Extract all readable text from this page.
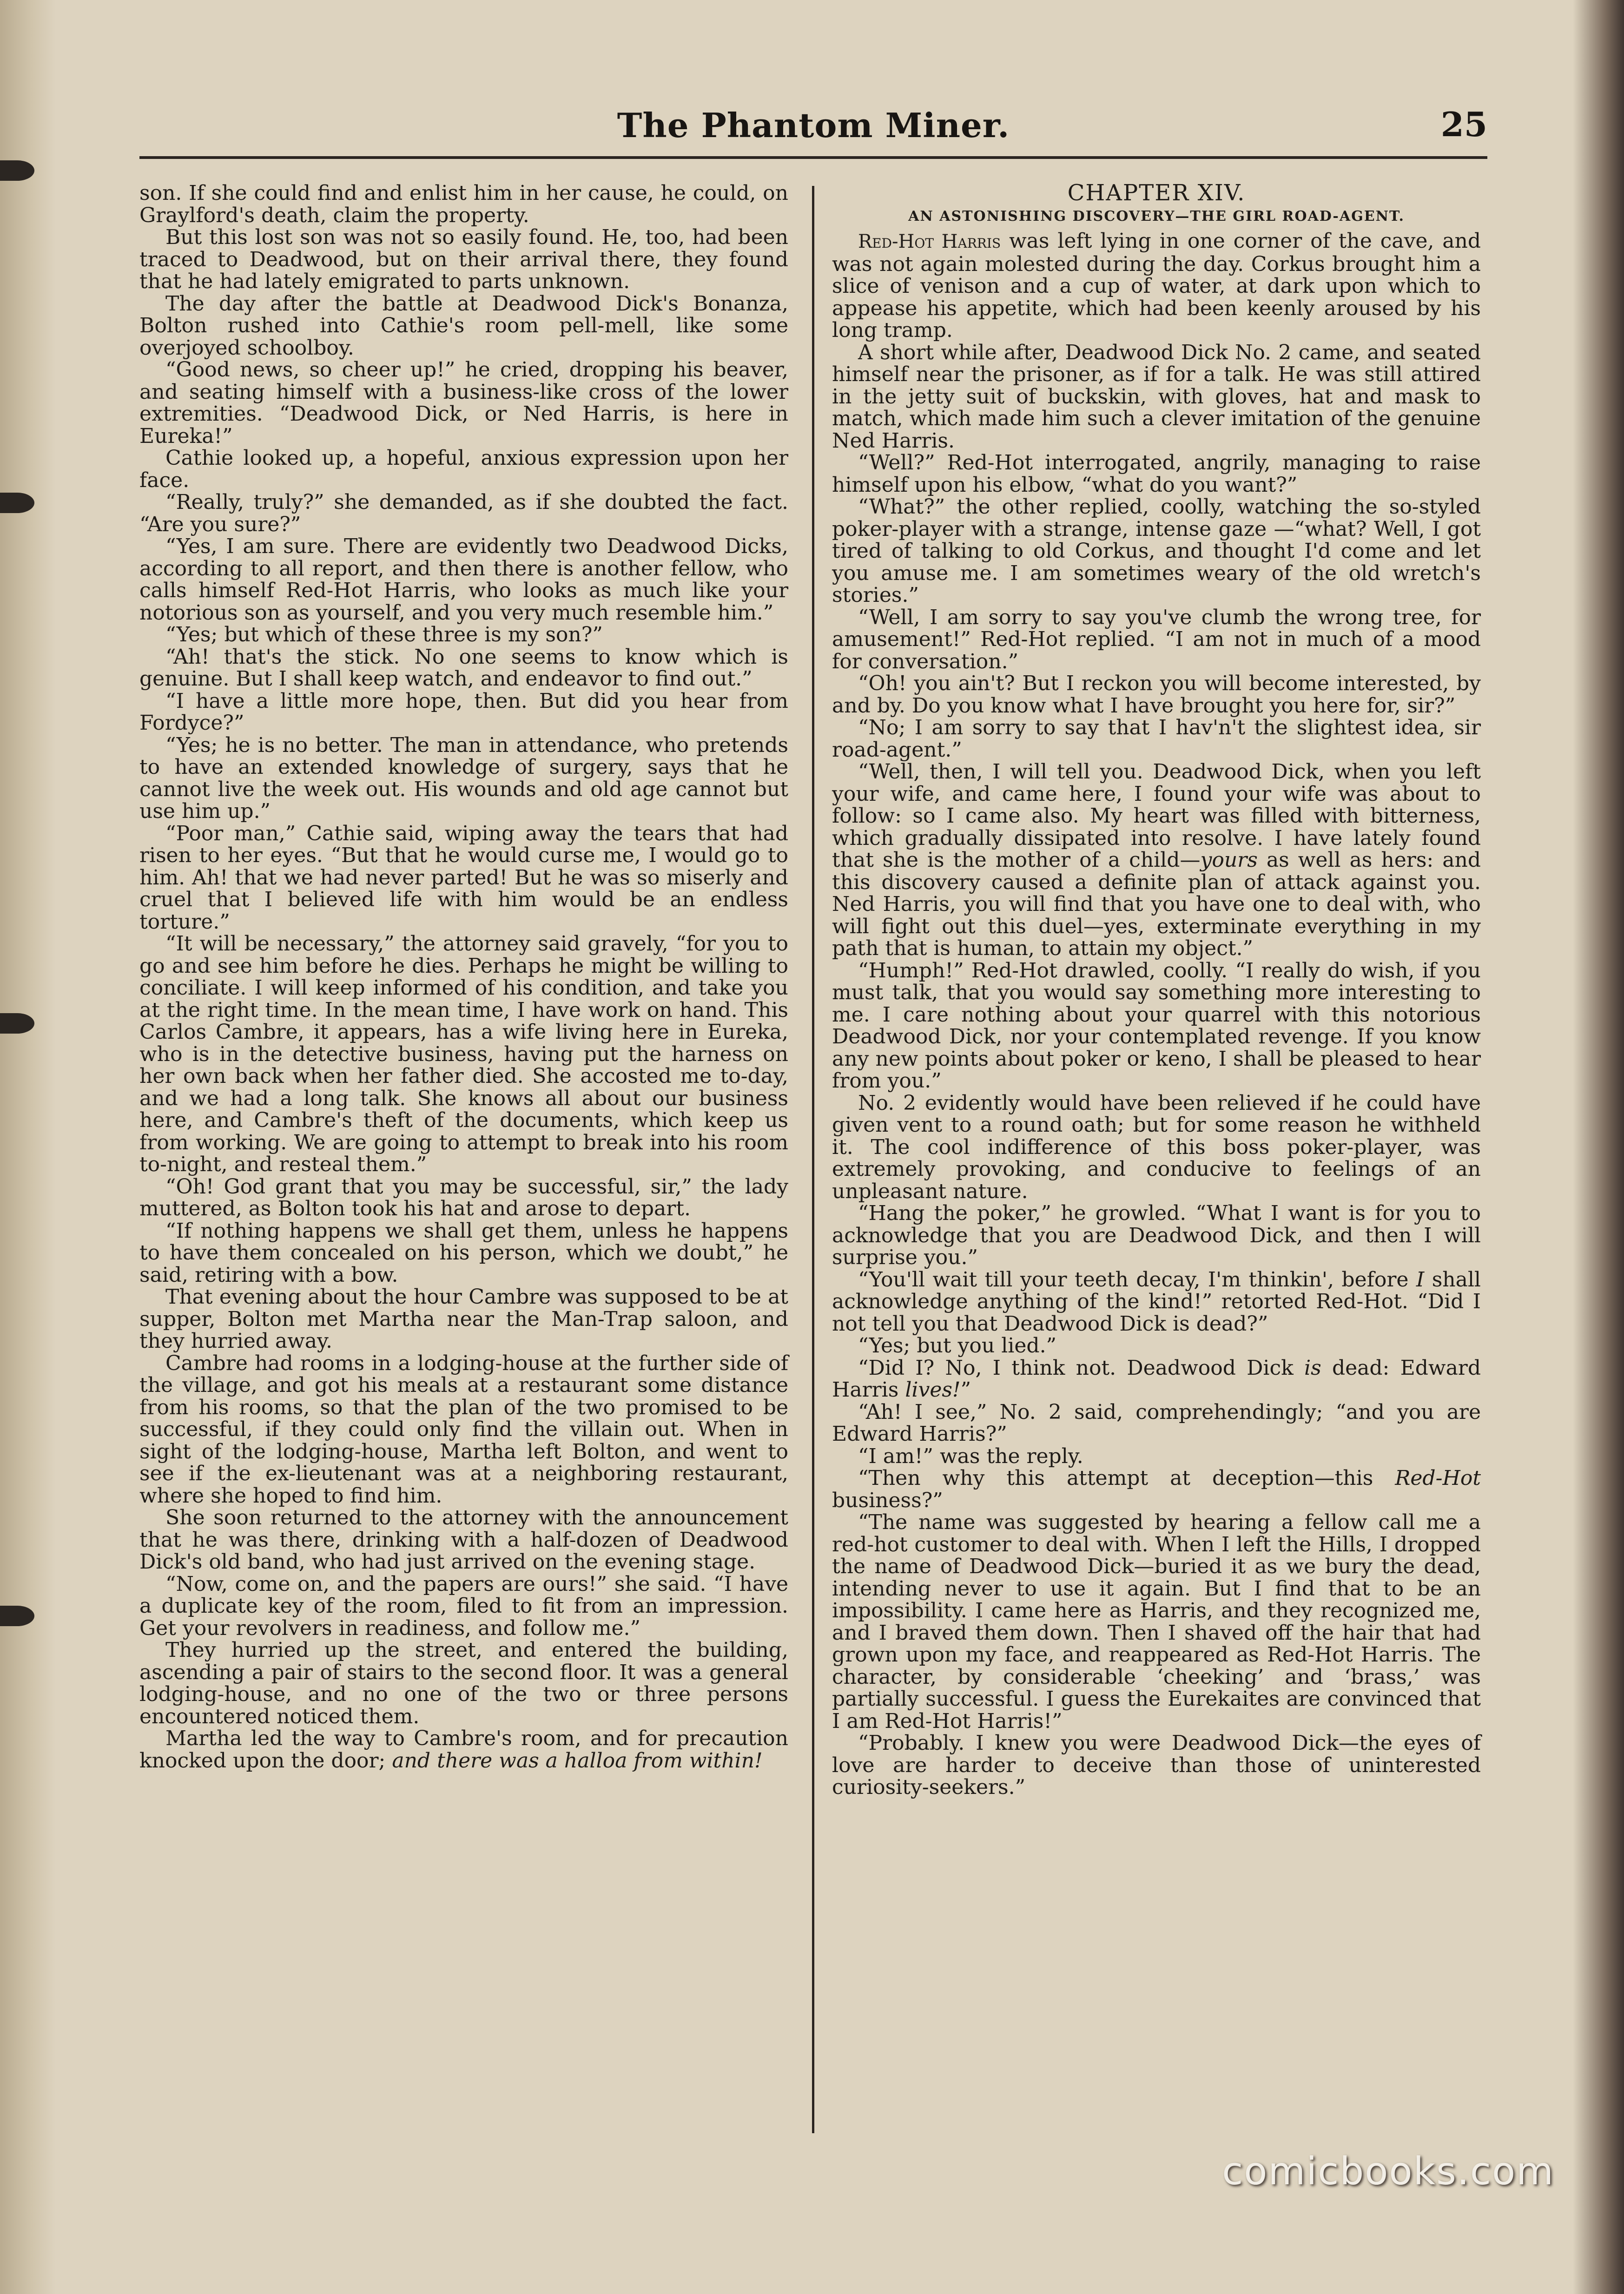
The Phantom Miner.	25

son. If she could find and enlist him in her cause, he could, on Graylford's death, claim the property.

But this lost son was not so easily found. He, too, had been traced to Deadwood, but on their arrival there, they found that he had lately emigrated to parts unknown.

The day after the battle at Deadwood Dick's Bonanza, Bolton rushed into Cathie's room pell-mell, like some overjoyed schoolboy.

“Good news, so cheer up!” he cried, dropping his beaver, and seating himself with a business-like cross of the lower extremities. “Deadwood Dick, or Ned Harris, is here in Eureka!”

Cathie looked up, a hopeful, anxious expression upon her face.

“Really, truly?” she demanded, as if she doubted the fact. “Are you sure?”

“Yes, I am sure. There are evidently two Deadwood Dicks, according to all report, and then there is another fellow, who calls himself Red-Hot Harris, who looks as much like your notorious son as yourself, and you very much resemble him.”

“Yes; but which of these three is my son?”

“Ah! that's the stick. No one seems to know which is genuine. But I shall keep watch, and endeavor to find out.”

“I have a little more hope, then. But did you hear from Fordyce?”

“Yes; he is no better. The man in attendance, who pretends to have an extended knowledge of surgery, says that he cannot live the week out. His wounds and old age cannot but use him up.”

“Poor man,” Cathie said, wiping away the tears that had risen to her eyes. “But that he would curse me, I would go to him. Ah! that we had never parted! But he was so miserly and cruel that I believed life with him would be an endless torture.”

“It will be necessary,” the attorney said gravely, “for you to go and see him before he dies. Perhaps he might be willing to conciliate. I will keep informed of his condition, and take you at the right time. In the mean time, I have work on hand. This Carlos Cambre, it appears, has a wife living here in Eureka, who is in the detective business, having put the harness on her own back when her father died. She accosted me to-day, and we had a long talk. She knows all about our business here, and Cambre's theft of the documents, which keep us from working. We are going to attempt to break into his room to-night, and resteal them.”

“Oh! God grant that you may be successful, sir,” the lady muttered, as Bolton took his hat and arose to depart.

“If nothing happens we shall get them, unless he happens to have them concealed on his person, which we doubt,” he said, retiring with a bow.

That evening about the hour Cambre was supposed to be at supper, Bolton met Martha near the Man-Trap saloon, and they hurried away.

Cambre had rooms in a lodging-house at the further side of the village, and got his meals at a restaurant some distance from his rooms, so that the plan of the two promised to be successful, if they could only find the villain out. When in sight of the lodging-house, Martha left Bolton, and went to see if the ex-lieutenant was at a neighboring restaurant, where she hoped to find him.

She soon returned to the attorney with the announcement that he was there, drinking with a half-dozen of Deadwood Dick's old band, who had just arrived on the evening stage.

“Now, come on, and the papers are ours!” she said. “I have a duplicate key of the room, filed to fit from an impression. Get your revolvers in readiness, and follow me.”

They hurried up the street, and entered the building, ascending a pair of stairs to the second floor. It was a general lodging-house, and no one of the two or three persons encountered noticed them.

Martha led the way to Cambre's room, and for precaution knocked upon the door; and there was a halloa from within!

CHAPTER XIV.
AN ASTONISHING DISCOVERY—THE GIRL ROAD-AGENT.

Red-Hot Harris was left lying in one corner of the cave, and was not again molested during the day. Corkus brought him a slice of venison and a cup of water, at dark upon which to appease his appetite, which had been keenly aroused by his long tramp.

A short while after, Deadwood Dick No. 2 came, and seated himself near the prisoner, as if for a talk. He was still attired in the jetty suit of buckskin, with gloves, hat and mask to match, which made him such a clever imitation of the genuine Ned Harris.

“Well?” Red-Hot interrogated, angrily, managing to raise himself upon his elbow, “what do you want?”

“What?” the other replied, coolly, watching the so-styled poker-player with a strange, intense gaze —“what? Well, I got tired of talking to old Corkus, and thought I'd come and let you amuse me. I am sometimes weary of the old wretch's stories.”

“Well, I am sorry to say you've clumb the wrong tree, for amusement!” Red-Hot replied. “I am not in much of a mood for conversation.”

“Oh! you ain't? But I reckon you will become interested, by and by. Do you know what I have brought you here for, sir?”

“No; I am sorry to say that I hav'n't the slightest idea, sir road-agent.”

“Well, then, I will tell you. Deadwood Dick, when you left your wife, and came here, I found your wife was about to follow: so I came also. My heart was filled with bitterness, which gradually dissipated into resolve. I have lately found that she is the mother of a child—yours as well as hers: and this discovery caused a definite plan of attack against you. Ned Harris, you will find that you have one to deal with, who will fight out this duel—yes, exterminate everything in my path that is human, to attain my object.”

“Humph!” Red-Hot drawled, coolly. “I really do wish, if you must talk, that you would say something more interesting to me. I care nothing about your quarrel with this notorious Deadwood Dick, nor your contemplated revenge. If you know any new points about poker or keno, I shall be pleased to hear from you.”

No. 2 evidently would have been relieved if he could have given vent to a round oath; but for some reason he withheld it. The cool indifference of this boss poker-player, was extremely provoking, and conducive to feelings of an unpleasant nature.

“Hang the poker,” he growled. “What I want is for you to acknowledge that you are Deadwood Dick, and then I will surprise you.”

“You'll wait till your teeth decay, I'm thinkin', before I shall acknowledge anything of the kind!” retorted Red-Hot. “Did I not tell you that Deadwood Dick is dead?”

“Yes; but you lied.”

“Did I? No, I think not. Deadwood Dick is dead: Edward Harris lives!”

“Ah! I see,” No. 2 said, comprehendingly; “and you are Edward Harris?”

“I am!” was the reply.

“Then why this attempt at deception—this Red-Hot business?”

“The name was suggested by hearing a fellow call me a red-hot customer to deal with. When I left the Hills, I dropped the name of Deadwood Dick—buried it as we bury the dead, intending never to use it again. But I find that to be an impossibility. I came here as Harris, and they recognized me, and I braved them down. Then I shaved off the hair that had grown upon my face, and reappeared as Red-Hot Harris. The character, by considerable ‘cheeking’ and ‘brass,’ was partially successful. I guess the Eurekaites are convinced that I am Red-Hot Harris!”

“Probably. I knew you were Deadwood Dick—the eyes of love are harder to deceive than those of uninterested curiosity-seekers.”

comicbooks.com
